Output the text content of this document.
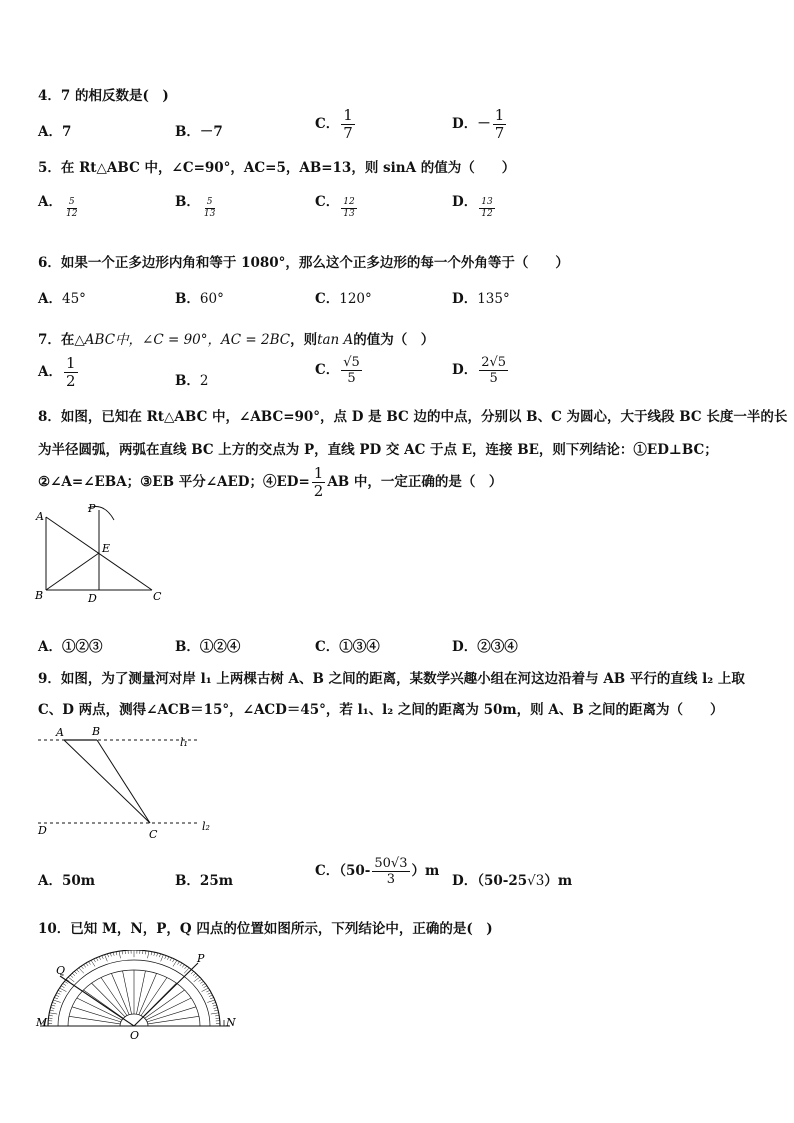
4．7 的相反数是(　)
A．7	B．－7	C． $\frac{1}{7}$	D．－ $\frac{1}{7}$
5．在 Rt△ABC 中，∠C=90°，AC=5，AB=13，则 sinA 的值为（　　）
A． $\frac{5}{12}$	B． $\frac{5}{13}$	C． $\frac{12}{13}$	D． $\frac{13}{12}$
6．如果一个正多边形内角和等于 1080°，那么这个正多边形的每一个外角等于（　　）
A．45°	B．60°	C．120°	D．135°
7．在△ABC中，∠C = 90°，AC = 2BC，则tan A的值为（　）
A． $\frac{1}{2}$	B．2
C． $\frac{√5}{5}$	D． $\frac{2√5}{5}$
8．如图，已知在 Rt△ABC 中，∠ABC=90°，点 D 是 BC 边的中点，分别以 B、C 为圆心，大于线段 BC 长度一半的长
为半径圆弧，两弧在直线 BC 上方的交点为 P，直线 PD 交 AC 于点 E，连接 BE，则下列结论：①ED⊥BC；
②∠A=∠EBA；③EB 平分∠AED；④ED= $\frac{1}{2}$ AB 中，一定正确的是（　）
A
P
E
B	D	C
A．①②③	B．①②④	C．①③④	D．②③④
9．如图，为了测量河对岸 l₁ 上两棵古树 A、B 之间的距离，某数学兴趣小组在河这边沿着与 AB 平行的直线 l₂ 上取
C、D 两点，测得∠ACB＝15°，∠ACD＝45°，若 l₁、l₂ 之间的距离为 50m，则 A、B 之间的距离为（　　）
A	B
l₁
D	C
l₂
A．50m	B．25m
C．$(50- \frac{50√3}{3} )m$
D．（50-25√3）m
10．已知 M，N，P，Q 四点的位置如图所示，下列结论中，正确的是(　)
Q
P
M	N
O
